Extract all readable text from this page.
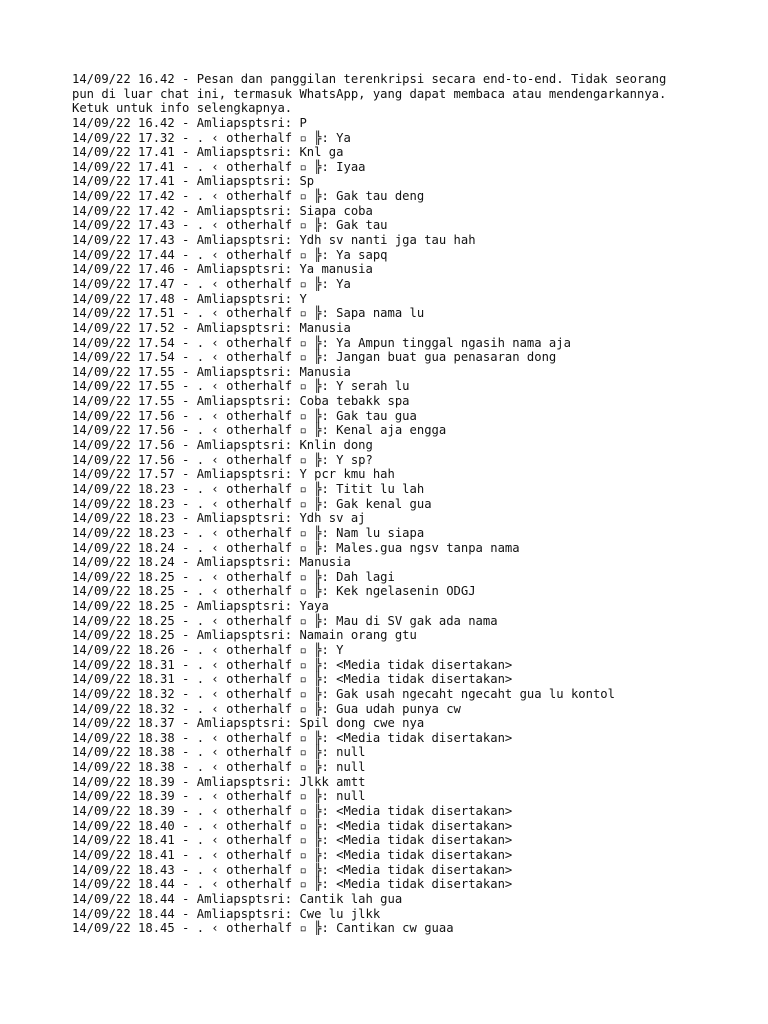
14/09/22 16.42 - Pesan dan panggilan terenkripsi secara end-to-end. Tidak seorang
pun di luar chat ini, termasuk WhatsApp, yang dapat membaca atau mendengarkannya.
Ketuk untuk info selengkapnya.
14/09/22 16.42 - Amliapsptsri: P
14/09/22 17.32 - . ‹ otherhalf ▫ ╠: Ya
14/09/22 17.41 - Amliapsptsri: Knl ga
14/09/22 17.41 - . ‹ otherhalf ▫ ╠: Iyaa
14/09/22 17.41 - Amliapsptsri: Sp
14/09/22 17.42 - . ‹ otherhalf ▫ ╠: Gak tau deng
14/09/22 17.42 - Amliapsptsri: Siapa coba
14/09/22 17.43 - . ‹ otherhalf ▫ ╠: Gak tau
14/09/22 17.43 - Amliapsptsri: Ydh sv nanti jga tau hah
14/09/22 17.44 - . ‹ otherhalf ▫ ╠: Ya sapq
14/09/22 17.46 - Amliapsptsri: Ya manusia
14/09/22 17.47 - . ‹ otherhalf ▫ ╠: Ya
14/09/22 17.48 - Amliapsptsri: Y
14/09/22 17.51 - . ‹ otherhalf ▫ ╠: Sapa nama lu
14/09/22 17.52 - Amliapsptsri: Manusia
14/09/22 17.54 - . ‹ otherhalf ▫ ╠: Ya Ampun tinggal ngasih nama aja
14/09/22 17.54 - . ‹ otherhalf ▫ ╠: Jangan buat gua penasaran dong
14/09/22 17.55 - Amliapsptsri: Manusia
14/09/22 17.55 - . ‹ otherhalf ▫ ╠: Y serah lu
14/09/22 17.55 - Amliapsptsri: Coba tebakk spa
14/09/22 17.56 - . ‹ otherhalf ▫ ╠: Gak tau gua
14/09/22 17.56 - . ‹ otherhalf ▫ ╠: Kenal aja engga
14/09/22 17.56 - Amliapsptsri: Knlin dong
14/09/22 17.56 - . ‹ otherhalf ▫ ╠: Y sp?
14/09/22 17.57 - Amliapsptsri: Y pcr kmu hah
14/09/22 18.23 - . ‹ otherhalf ▫ ╠: Titit lu lah
14/09/22 18.23 - . ‹ otherhalf ▫ ╠: Gak kenal gua
14/09/22 18.23 - Amliapsptsri: Ydh sv aj
14/09/22 18.23 - . ‹ otherhalf ▫ ╠: Nam lu siapa
14/09/22 18.24 - . ‹ otherhalf ▫ ╠: Males.gua ngsv tanpa nama
14/09/22 18.24 - Amliapsptsri: Manusia
14/09/22 18.25 - . ‹ otherhalf ▫ ╠: Dah lagi
14/09/22 18.25 - . ‹ otherhalf ▫ ╠: Kek ngelasenin ODGJ
14/09/22 18.25 - Amliapsptsri: Yaya
14/09/22 18.25 - . ‹ otherhalf ▫ ╠: Mau di SV gak ada nama
14/09/22 18.25 - Amliapsptsri: Namain orang gtu
14/09/22 18.26 - . ‹ otherhalf ▫ ╠: Y
14/09/22 18.31 - . ‹ otherhalf ▫ ╠: <Media tidak disertakan>
14/09/22 18.31 - . ‹ otherhalf ▫ ╠: <Media tidak disertakan>
14/09/22 18.32 - . ‹ otherhalf ▫ ╠: Gak usah ngecaht ngecaht gua lu kontol
14/09/22 18.32 - . ‹ otherhalf ▫ ╠: Gua udah punya cw
14/09/22 18.37 - Amliapsptsri: Spil dong cwe nya
14/09/22 18.38 - . ‹ otherhalf ▫ ╠: <Media tidak disertakan>
14/09/22 18.38 - . ‹ otherhalf ▫ ╠: null
14/09/22 18.38 - . ‹ otherhalf ▫ ╠: null
14/09/22 18.39 - Amliapsptsri: Jlkk amtt
14/09/22 18.39 - . ‹ otherhalf ▫ ╠: null
14/09/22 18.39 - . ‹ otherhalf ▫ ╠: <Media tidak disertakan>
14/09/22 18.40 - . ‹ otherhalf ▫ ╠: <Media tidak disertakan>
14/09/22 18.41 - . ‹ otherhalf ▫ ╠: <Media tidak disertakan>
14/09/22 18.41 - . ‹ otherhalf ▫ ╠: <Media tidak disertakan>
14/09/22 18.43 - . ‹ otherhalf ▫ ╠: <Media tidak disertakan>
14/09/22 18.44 - . ‹ otherhalf ▫ ╠: <Media tidak disertakan>
14/09/22 18.44 - Amliapsptsri: Cantik lah gua
14/09/22 18.44 - Amliapsptsri: Cwe lu jlkk
14/09/22 18.45 - . ‹ otherhalf ▫ ╠: Cantikan cw guaa
